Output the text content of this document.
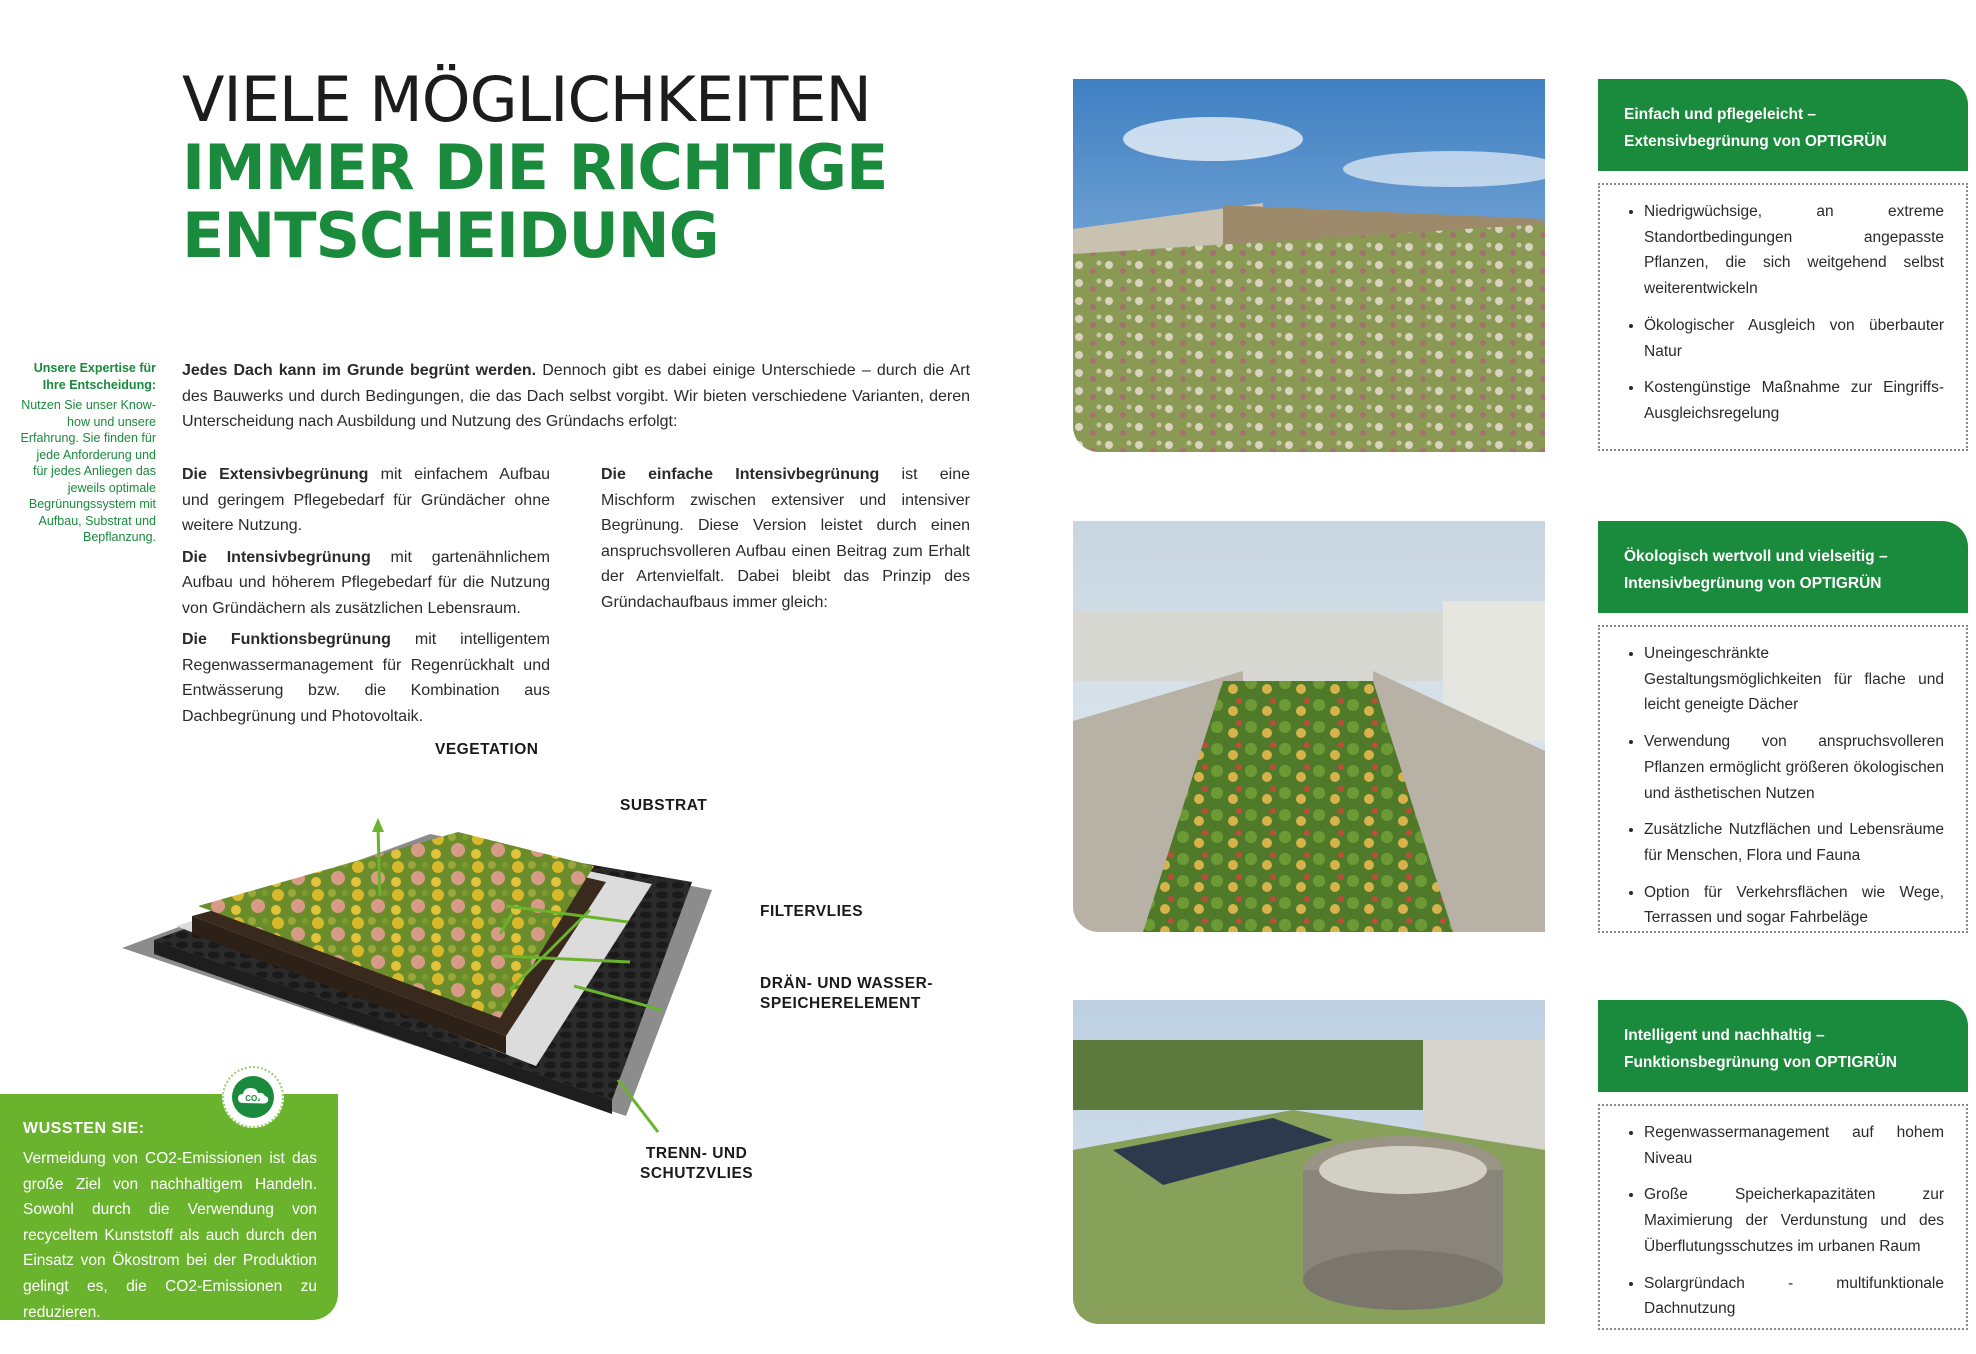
VIELE MÖGLICHKEITEN
IMMER DIE RICHTIGE
ENTSCHEIDUNG
Unsere Expertise für Ihre Entscheidung:
Nutzen Sie unser Know-how und unsere Erfahrung. Sie finden für jede Anforderung und für jedes Anliegen das jeweils optimale Begrünungssystem mit Aufbau, Substrat und Bepflanzung.
Jedes Dach kann im Grunde begrünt werden. Dennoch gibt es dabei einige Unterschiede – durch die Art des Bauwerks und durch Bedingungen, die das Dach selbst vorgibt. Wir bieten verschiedene Varianten, deren Unterscheidung nach Ausbildung und Nutzung des Gründachs erfolgt:

Die Extensivbegrünung mit einfachem Aufbau und geringem Pflegebedarf für Gründächer ohne weitere Nutzung.

Die Intensivbegrünung mit gartenähnlichem Aufbau und höherem Pflegebedarf für die Nutzung von Gründächern als zusätzlichen Lebensraum.

Die Funktionsbegrünung mit intelligentem Regenwassermanagement für Regenrückhalt und Entwässerung bzw. die Kombination aus Dachbegrünung und Photovoltaik.

Die einfache Intensivbegrünung ist eine Mischform zwischen extensiver und intensiver Begrünung. Diese Version leistet durch einen anspruchsvolleren Aufbau einen Beitrag zum Erhalt der Artenvielfalt. Dabei bleibt das Prinzip des Gründachaufbaus immer gleich:

VEGETATION
SUBSTRAT
FILTERVLIES
DRÄN- UND WASSER-
SPEICHERELEMENT
TRENN- UND
SCHUTZVLIES
WUSSTEN SIE:
Vermeidung von CO2-Emissionen ist das große Ziel von nachhaltigem Handeln. Sowohl durch die Verwendung von recyceltem Kunststoff als auch durch den Einsatz von Ökostrom bei der Produktion gelingt es, die CO2-Emissionen zu reduzieren.
CO₂
Einfach und pflegeleicht –
Extensivbegrünung von OPTIGRÜN
• Niedrigwüchsige, an extreme Standortbedingungen angepasste Pflanzen, die sich weitgehend selbst weiterentwickeln
• Ökologischer Ausgleich von überbauter Natur
• Kostengünstige Maßnahme zur Eingriffs-Ausgleichsregelung
Ökologisch wertvoll und vielseitig –
Intensivbegrünung von OPTIGRÜN
• Uneingeschränkte Gestaltungsmöglichkeiten für flache und leicht geneigte Dächer
• Verwendung von anspruchsvolleren Pflanzen ermöglicht größeren ökologischen und ästhetischen Nutzen
• Zusätzliche Nutzflächen und Lebensräume für Menschen, Flora und Fauna
• Option für Verkehrsflächen wie Wege, Terrassen und sogar Fahrbeläge
Intelligent und nachhaltig –
Funktionsbegrünung von OPTIGRÜN
• Regenwassermanagement auf hohem Niveau
• Große Speicherkapazitäten zur Maximierung der Verdunstung und des Überflutungsschutzes im urbanen Raum
• Solargründach - multifunktionale Dachnutzung
